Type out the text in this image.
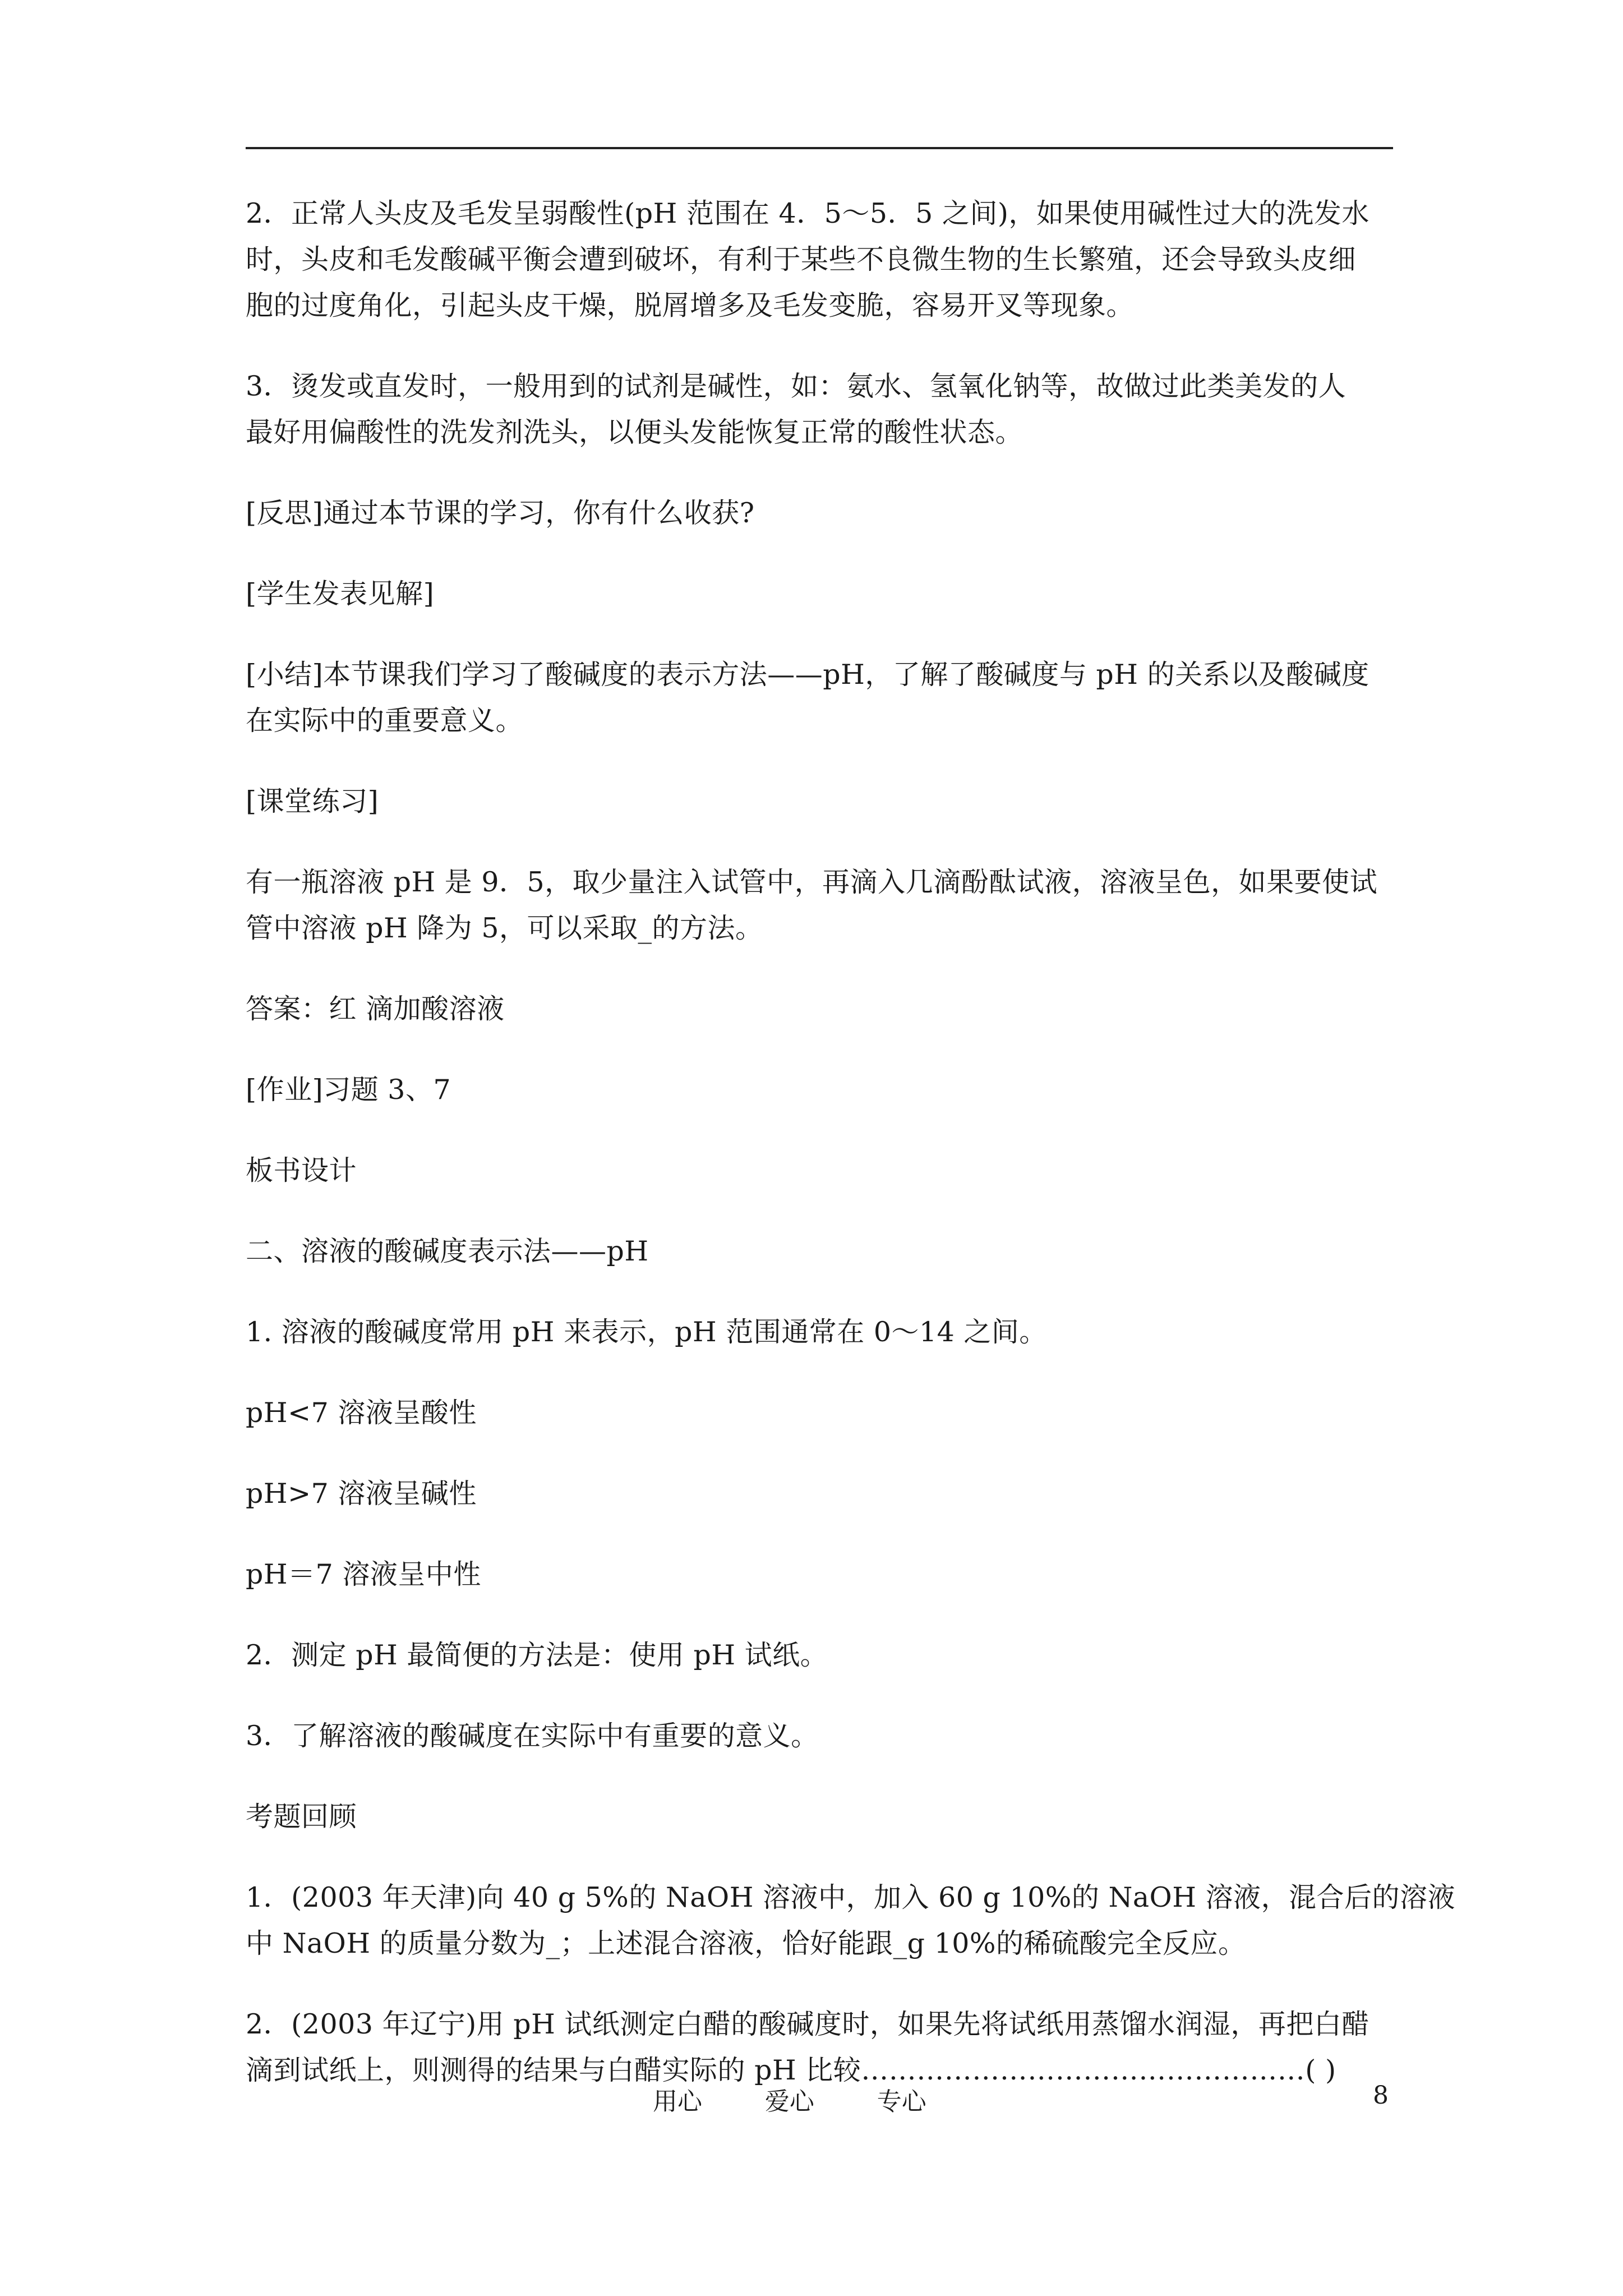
2．正常人头皮及毛发呈弱酸性(pH 范围在 4．5～5．5 之间)，如果使用碱性过大的洗发水
时，头皮和毛发酸碱平衡会遭到破坏，有利于某些不良微生物的生长繁殖，还会导致头皮细
胞的过度角化，引起头皮干燥，脱屑增多及毛发变脆，容易开叉等现象。
3．烫发或直发时，一般用到的试剂是碱性，如：氨水、氢氧化钠等，故做过此类美发的人
最好用偏酸性的洗发剂洗头，以便头发能恢复正常的酸性状态。
[反思]通过本节课的学习，你有什么收获?
[学生发表见解]
[小结]本节课我们学习了酸碱度的表示方法——pH，了解了酸碱度与 pH 的关系以及酸碱度
在实际中的重要意义。
[课堂练习]
有一瓶溶液 pH 是 9．5，取少量注入试管中，再滴入几滴酚酞试液，溶液呈色，如果要使试
管中溶液 pH 降为 5，可以采取_的方法。
答案：红 滴加酸溶液
[作业]习题 3、7
板书设计
二、溶液的酸碱度表示法——pH
1. 溶液的酸碱度常用 pH 来表示，pH 范围通常在 0～14 之间。
pH<7 溶液呈酸性
pH>7 溶液呈碱性
pH＝7 溶液呈中性
2．测定 pH 最简便的方法是：使用 pH 试纸。
3．了解溶液的酸碱度在实际中有重要的意义。
考题回顾
1．(2003 年天津)向 40 g 5%的 NaOH 溶液中，加入 60 g 10%的 NaOH 溶液，混合后的溶液
中 NaOH 的质量分数为_；上述混合溶液，恰好能跟_g 10%的稀硫酸完全反应。
2．(2003 年辽宁)用 pH 试纸测定白醋的酸碱度时，如果先将试纸用蒸馏水润湿，再把白醋
滴到试纸上，则测得的结果与白醋实际的 pH 比较…………………………………………( )
用心        爱心        专心	8
